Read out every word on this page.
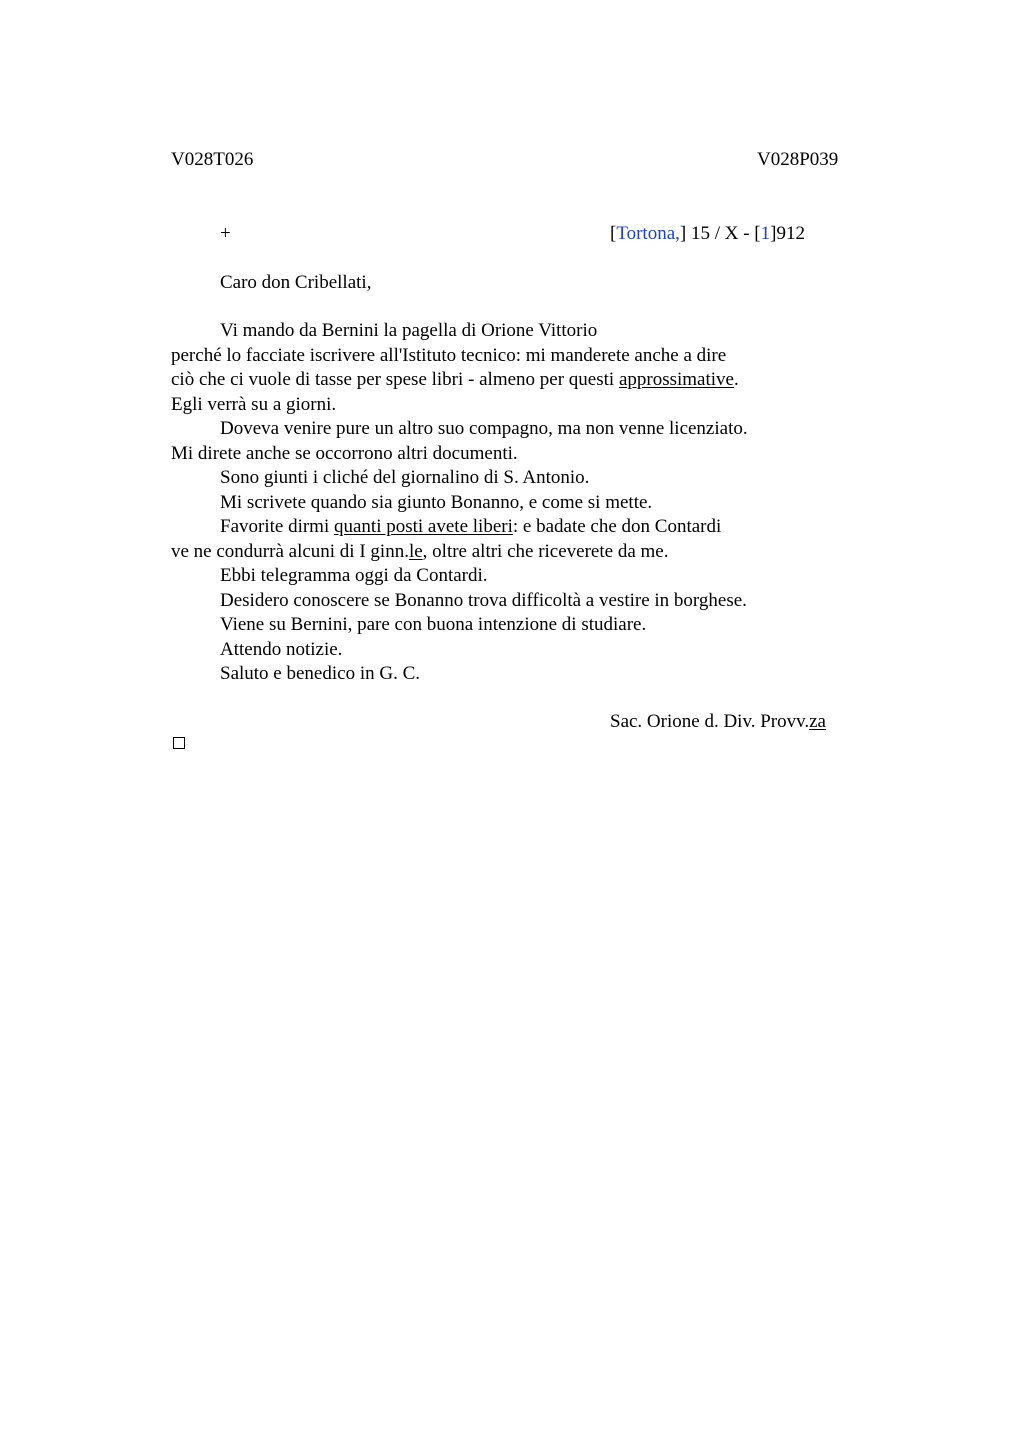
V028T026	V028P039
+	[Tortona,] 15 / X - [1]912
Caro don Cribellati,
Vi mando da Bernini la pagella di Orione Vittorio
perché lo facciate iscrivere all'Istituto tecnico: mi manderete anche a dire
ciò che ci vuole di tasse per spese libri - almeno per questi approssimative.
Egli verrà su a giorni.
Doveva venire pure un altro suo compagno, ma non venne licenziato.
Mi direte anche se occorrono altri documenti.
Sono giunti i cliché del giornalino di S. Antonio.
Mi scrivete quando sia giunto Bonanno, e come si mette.
Favorite dirmi quanti posti avete liberi: e badate che don Contardi
ve ne condurrà alcuni di I ginn.le, oltre altri che riceverete da me.
Ebbi telegramma oggi da Contardi.
Desidero conoscere se Bonanno trova difficoltà a vestire in borghese.
Viene su Bernini, pare con buona intenzione di studiare.
Attendo notizie.
Saluto e benedico in G. C.
Sac. Orione d. Div. Provv.za
